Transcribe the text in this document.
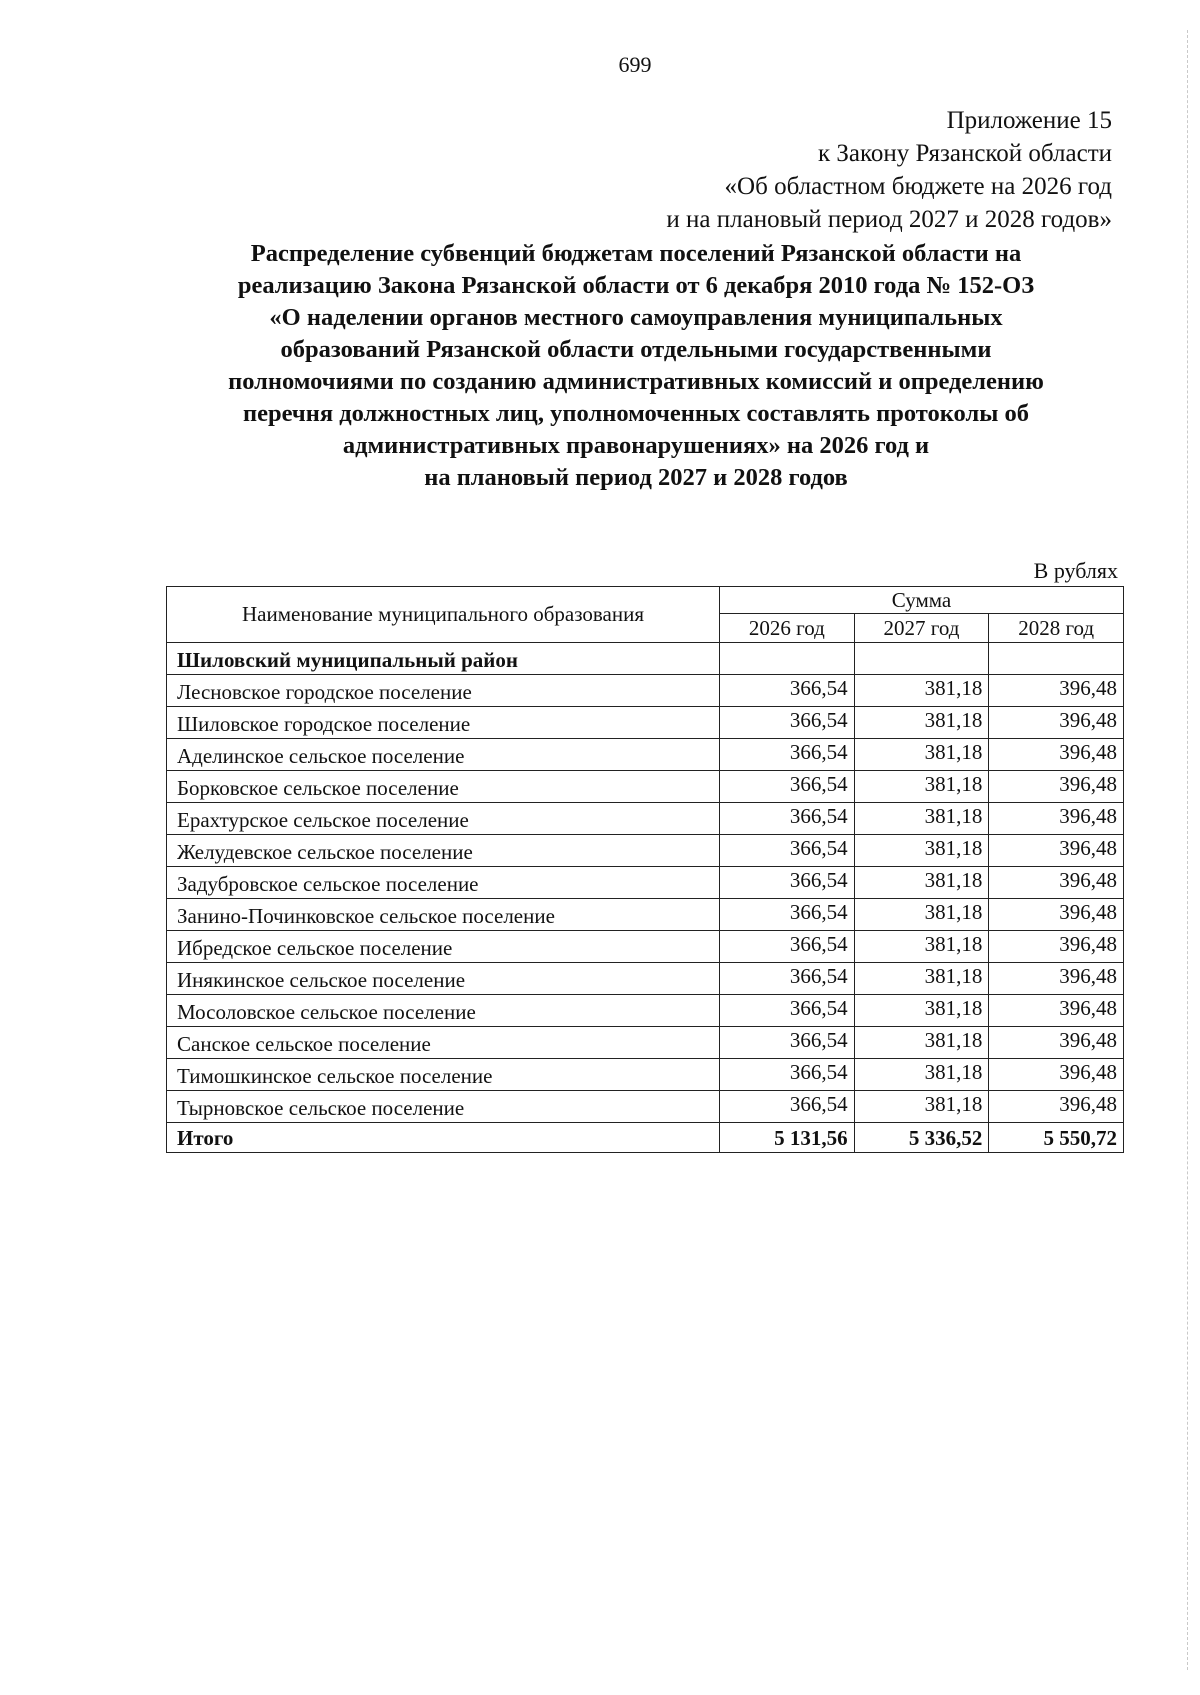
699
Приложение 15
к Закону Рязанской области
«Об областном бюджете на 2026 год
и на плановый период 2027 и 2028 годов»
Распределение субвенций бюджетам поселений Рязанской области на
реализацию Закона Рязанской области от 6 декабря 2010 года № 152-ОЗ
«О наделении органов местного самоуправления муниципальных
образований Рязанской области отдельными государственными
полномочиями по созданию административных комиссий и определению
перечня должностных лиц, уполномоченных составлять протоколы об
административных правонарушениях» на 2026 год и
на плановый период 2027 и 2028 годов
В рублях
Наименование муниципального образования	Сумма		
	2026 год	2027 год	2028 год
Шиловский муниципальный район			
Лесновское городское поселение	366,54	381,18	396,48
Шиловское городское поселение	366,54	381,18	396,48
Аделинское сельское поселение	366,54	381,18	396,48
Борковское сельское поселение	366,54	381,18	396,48
Ерахтурское сельское поселение	366,54	381,18	396,48
Желудевское сельское поселение	366,54	381,18	396,48
Задубровское сельское поселение	366,54	381,18	396,48
Занино-Починковское сельское поселение	366,54	381,18	396,48
Ибредское сельское поселение	366,54	381,18	396,48
Инякинское сельское поселение	366,54	381,18	396,48
Мосоловское сельское поселение	366,54	381,18	396,48
Санское сельское поселение	366,54	381,18	396,48
Тимошкинское сельское поселение	366,54	381,18	396,48
Тырновское сельское поселение	366,54	381,18	396,48
Итого	5 131,56	5 336,52	5 550,72
